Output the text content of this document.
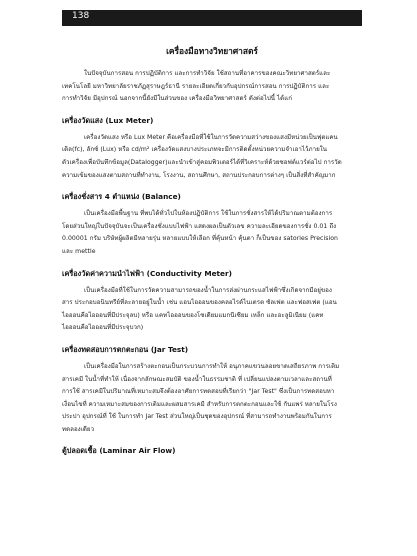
138
เครื่องมือทางวิทยาศาสตร์

ในปัจจุบันการสอน การปฏิบัติการ และการทำวิจัย ใช้สถานที่อาคารของคณะวิทยาศาสตร์และ

เทคโนโลยี มหาวิทยาลัยราชภัฏสุราษฎร์ธานี รายละเอียดเกี่ยวกับอุปกรณ์การสอน การปฏิบัติการ และ

การทำวิจัย มีอุปกรณ์ นอกจากนี้ยังมีในส่วนของ เครื่องมือวิทยาศาสตร์ ดังต่อไปนี้ ได้แก่

เครื่องวัดแสง (Lux Meter)

เครื่องวัดแสง หรือ Lux Meter คือเครื่องมือที่ใช้ในการวัดความสว่างของแสงมีหน่วยเป็นฟุตแคน

เดิล(fc), ลักซ์ (Lux) หรือ cd/m² เครื่องวัดแสงบางประเภทจะมีการติดตั้งหน่วยความจำเอาไว้ภายใน

ตัวเครื่องเพื่อบันทึกข้อมูล(Datalogger)และนำเข้าสู่คอมพิวเตอร์ได้ที่วิเคราะห์ด้วยซอฟต์แวร์ต่อไป การวัด

ความเข้มของแสงตามสถานที่ทำงาน, โรงงาน, สถานศึกษา, สถานประกอบการต่างๆ เป็นสิ่งที่สำคัญมาก

เครื่องชั่งสาร 4 ตำแหน่ง (Balance)

เป็นเครื่องมือพื้นฐาน ที่พบได้ทั่วไปในห้องปฏิบัติการ ใช้ในการชั่งสารให้ได้ปริมาณตามต้องการ

โดยส่วนใหญ่ในปัจจุบันจะเป็นเครื่องชั่งแบบไฟฟ้า แสดงผลเป็นตัวเลข ความละเอียดของการชั่ง 0.01 ถึง

0.00001 กรัม บริษัทผู้ผลิตมีหลายรุ่น หลายแบบให้เลือก ที่คุ้นหน้า คุ้นตา ก็เป็นของ satories Precision

และ mettle

เครื่องวัดค่าความนำไฟฟ้า (Conductivity Meter)

เป็นเครื่องมือที่ใช้ในการวัดความสามารถของน้ำในการส่งผ่านกระแสไฟฟ้าซึ่งเกิดจากมีอยู่ของ

สาร ประกอบอนินทรีย์ที่ละลายอยู่ในน้ำ เช่น แอนไอออนของคลอไรด์ไนเตรต ซัลเฟต และฟอสเฟต (แอน

ไอออนคือไอออนที่มีประจุลบ) หรือ แคทไอออนของโซเดียมแมกนีเซียม เหล็ก และอะลูมิเนียม (แคท

ไอออนคือไอออนที่มีประจุบวก)

เครื่องทดสอบการตกตะกอน (Jar Test)

เป็นเครื่องมือในการสร้างตะกอนเป็นกระบวนการทำให้ อนุภาคแขวนลอยขาดเสถียรภาพ การเติม

สารเคมี ในน้ำที่ทำให้ เนื่องจากลักษณะสมบัติ ของน้ำในธรรมชาติ ที่ เปลี่ยนแปลงตามเวลาและสถานที่

การใช้ สารเคมีในปริมาณที่เหมาะสมจึงต้องอาศัยการทดสอบที่เรียกว่า "Jar Test" ซึ่งเป็นการทดสอบหา

เงื่อนไขที่ ความเหมาะสมของการเติมและผสมสารเคมี สำหรับการตกตะกอนและใช้ กันแพร่ หลายในโรง

ประปา อุปกรณ์ที่ ใช้ ในการทำ Jar Test ส่วนใหญ่เป็นชุดของอุปกรณ์ ที่สามารถทำงานพร้อมกันในการ

ทดลองเดียว

ตู้ปลอดเชื้อ (Laminar Air Flow)
